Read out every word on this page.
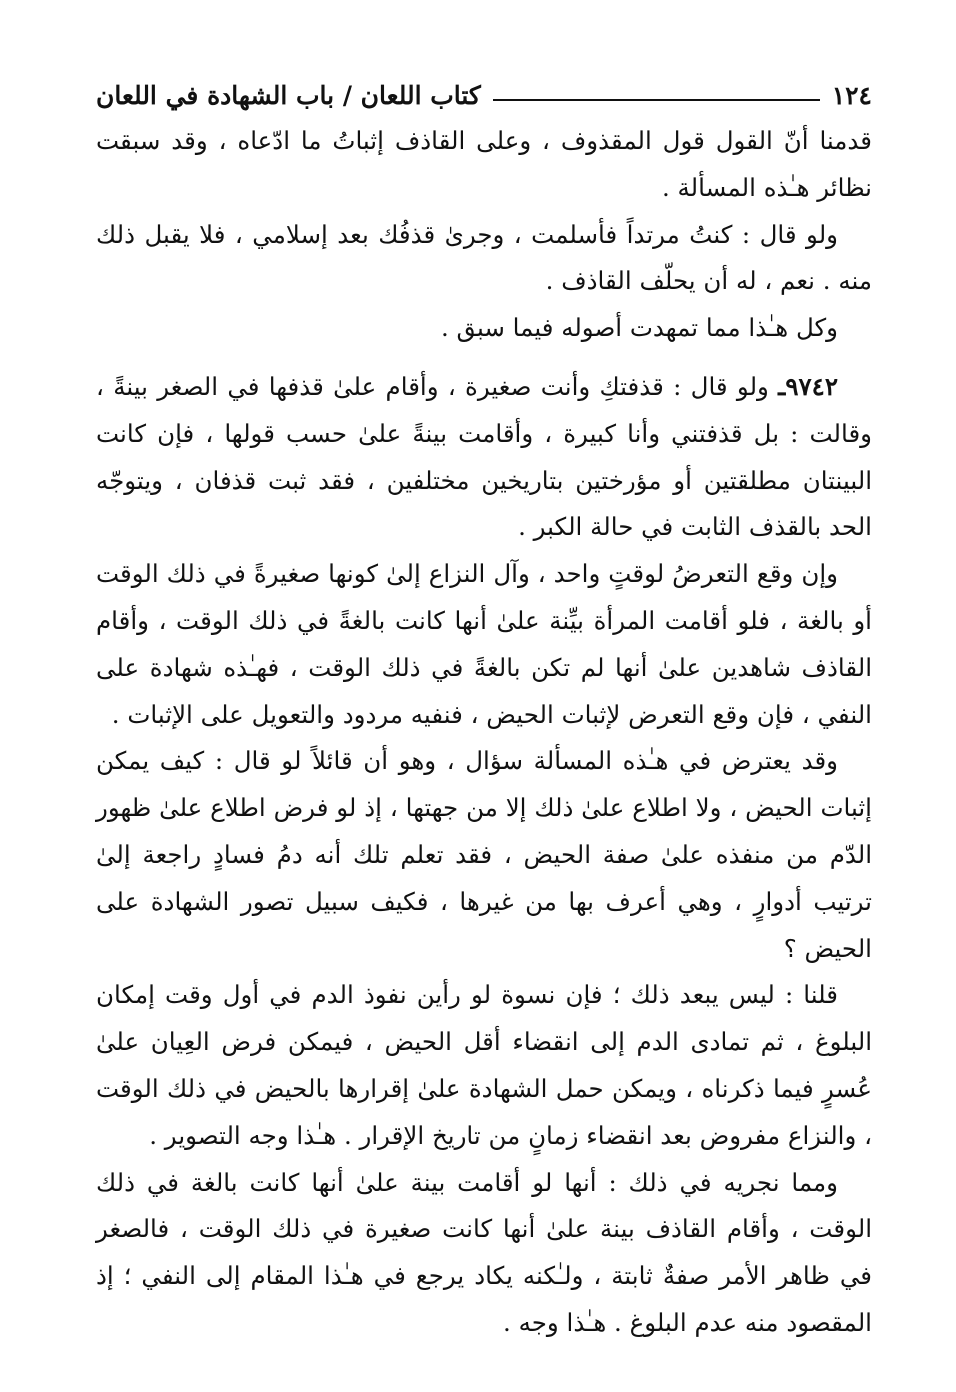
١٢٤
كتاب اللعان / باب الشهادة في اللعان

قدمنا أنّ القول قول المقذوف ، وعلى القاذف إثباتُ ما ادّعاه ، وقد سبقت نظائر هـٰذه المسألة .

ولو قال : كنتُ مرتداً فأسلمت ، وجرىٰ قذفُك بعد إسلامي ، فلا يقبل ذلك منه . نعم ، له أن يحلّف القاذف .

وكل هـٰذا مما تمهدت أصوله فيما سبق .

٩٧٤٢ـ ولو قال : قذفتكِ وأنت صغيرة ، وأقام علىٰ قذفها في الصغر بينةً ، وقالت : بل قذفتني وأنا كبيرة ، وأقامت بينةً علىٰ حسب قولها ، فإن كانت البينتان مطلقتين أو مؤرختين بتاريخين مختلفين ، فقد ثبت قذفان ، ويتوجّه الحد بالقذف الثابت في حالة الكبر .

وإن وقع التعرضُ لوقتٍ واحد ، وآل النزاع إلىٰ كونها صغيرةً في ذلك الوقت أو بالغة ، فلو أقامت المرأة بيِّنة علىٰ أنها كانت بالغةً في ذلك الوقت ، وأقام القاذف شاهدين علىٰ أنها لم تكن بالغةً في ذلك الوقت ، فهـٰذه شهادة على النفي ، فإن وقع التعرض لإثبات الحيض ، فنفيه مردود والتعويل على الإثبات .

وقد يعترض في هـٰذه المسألة سؤال ، وهو أن قائلاً لو قال : كيف يمكن إثبات الحيض ، ولا اطلاع علىٰ ذلك إلا من جهتها ، إذ لو فرض اطلاع علىٰ ظهور الدّم من منفذه علىٰ صفة الحيض ، فقد تعلم تلك أنه دمُ فسادٍ راجعة إلىٰ ترتيب أدوارٍ ، وهي أعرف بها من غيرها ، فكيف سبيل تصور الشهادة على الحيض ؟

قلنا : ليس يبعد ذلك ؛ فإن نسوة لو رأين نفوذ الدم في أول وقت إمكان البلوغ ، ثم تمادى الدم إلى انقضاء أقل الحيض ، فيمكن فرض العِيان علىٰ عُسرٍ فيما ذكرناه ، ويمكن حمل الشهادة علىٰ إقرارها بالحيض في ذلك الوقت ، والنزاع مفروض بعد انقضاء زمانٍ من تاريخ الإقرار . هـٰذا وجه التصوير .

ومما نجريه في ذلك : أنها لو أقامت بينة علىٰ أنها كانت بالغة في ذلك الوقت ، وأقام القاذف بينة علىٰ أنها كانت صغيرة في ذلك الوقت ، فالصغر في ظاهر الأمر صفةٌ ثابتة ، ولـٰكنه يكاد يرجع في هـٰذا المقام إلى النفي ؛ إذ المقصود منه عدم البلوغ . هـٰذا وجه .
